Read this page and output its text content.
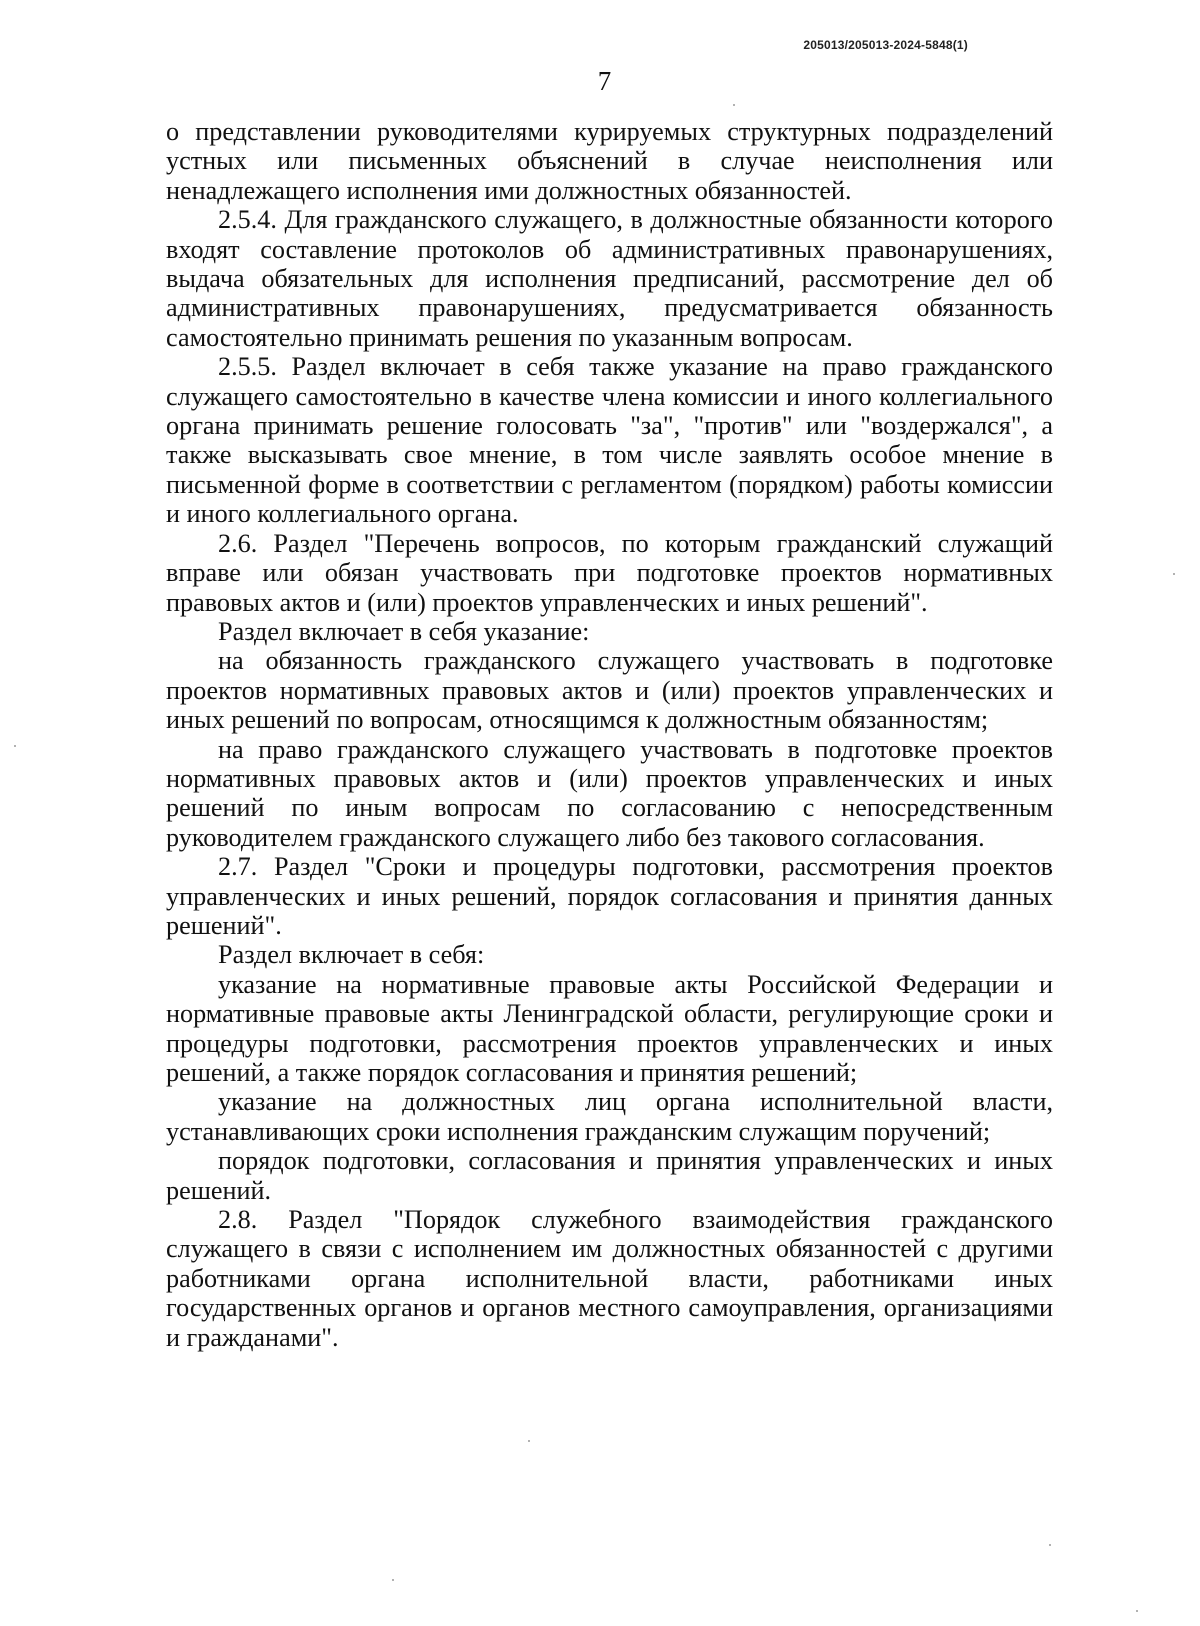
205013/205013-2024-5848(1)
7

о представлении руководителями курируемых структурных подразделений устных или письменных объяснений в случае неисполнения или ненадлежащего исполнения ими должностных обязанностей.

2.5.4. Для гражданского служащего, в должностные обязанности которого входят составление протоколов об административных правонарушениях, выдача обязательных для исполнения предписаний, рассмотрение дел об административных правонарушениях, предусматривается обязанность самостоятельно принимать решения по указанным вопросам.

2.5.5. Раздел включает в себя также указание на право гражданского служащего самостоятельно в качестве члена комиссии и иного коллегиального органа принимать решение голосовать "за", "против" или "воздержался", а также высказывать свое мнение, в том числе заявлять особое мнение в письменной форме в соответствии с регламентом (порядком) работы комиссии и иного коллегиального органа.

2.6. Раздел "Перечень вопросов, по которым гражданский служащий вправе или обязан участвовать при подготовке проектов нормативных правовых актов и (или) проектов управленческих и иных решений".

Раздел включает в себя указание:

на обязанность гражданского служащего участвовать в подготовке проектов нормативных правовых актов и (или) проектов управленческих и иных решений по вопросам, относящимся к должностным обязанностям;

на право гражданского служащего участвовать в подготовке проектов нормативных правовых актов и (или) проектов управленческих и иных решений по иным вопросам по согласованию с непосредственным руководителем гражданского служащего либо без такового согласования.

2.7. Раздел "Сроки и процедуры подготовки, рассмотрения проектов управленческих и иных решений, порядок согласования и принятия данных решений".

Раздел включает в себя:

указание на нормативные правовые акты Российской Федерации и нормативные правовые акты Ленинградской области, регулирующие сроки и процедуры подготовки, рассмотрения проектов управленческих и иных решений, а также порядок согласования и принятия решений;

указание на должностных лиц органа исполнительной власти, устанавливающих сроки исполнения гражданским служащим поручений;

порядок подготовки, согласования и принятия управленческих и иных решений.

2.8. Раздел "Порядок служебного взаимодействия гражданского служащего в связи с исполнением им должностных обязанностей с другими работниками органа исполнительной власти, работниками иных государственных органов и органов местного самоуправления, организациями и гражданами".
